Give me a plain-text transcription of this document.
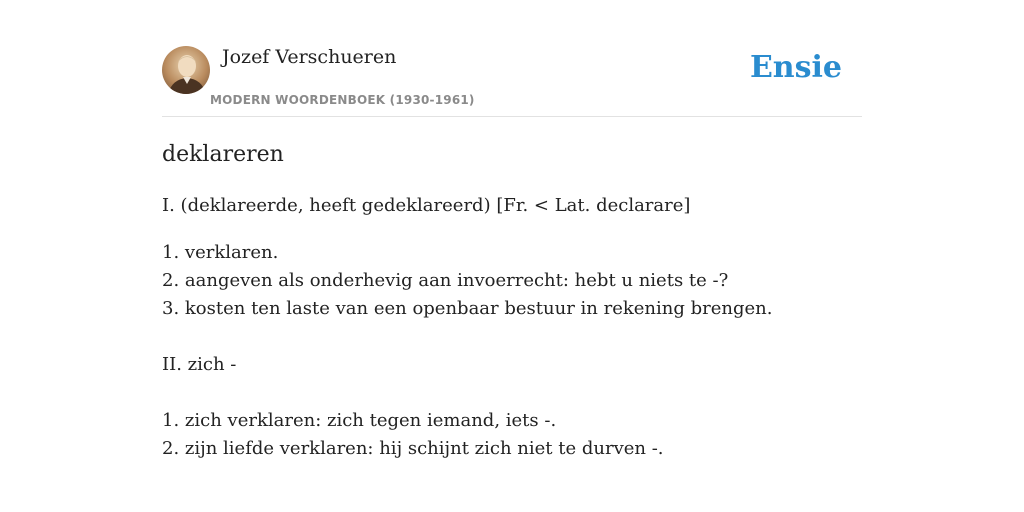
Jozef Verschueren
MODERN WOORDENBOEK (1930-1961)
Ensie
deklareren
I. (deklareerde, heeft gedeklareerd) [Fr. < Lat. declarare]
1. verklaren.
2. aangeven als onderhevig aan invoerrecht: hebt u niets te -?
3. kosten ten laste van een openbaar bestuur in rekening brengen.
II. zich -
1. zich verklaren: zich tegen iemand, iets -.
2. zijn liefde verklaren: hij schijnt zich niet te durven -.
